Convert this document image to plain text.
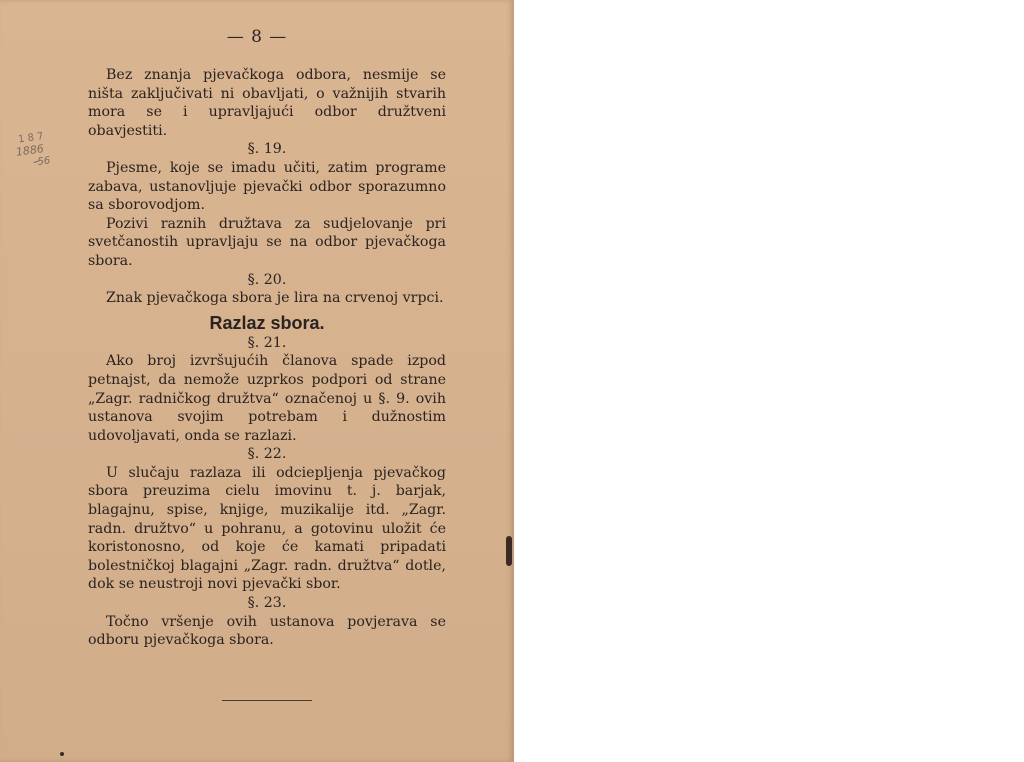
— 8 —
1 8 7
1886
56

Bez znanja pjevačkoga odbora, nesmije se ništa zaključivati ni obavljati, o važnijih stvarih mora se i upravljajući odbor družtveni obavjestiti.

§. 19.

Pjesme, koje se imadu učiti, zatim programe zabava, ustanovljuje pjevački odbor sporazumno sa sborovodjom.

Pozivi raznih družtava za sudjelovanje pri svetčanostih upravljaju se na odbor pjevačkoga sbora.

§. 20.

Znak pjevačkoga sbora je lira na crvenoj vrpci.

Razlaz sbora.

§. 21.

Ako broj izvršujućih članova spade izpod petnajst, da nemože uzprkos podpori od strane „Zagr. radničkog družtva“ označenoj u §. 9. ovih ustanova svojim potrebam i dužnostim udovoljavati, onda se razlazi.

§. 22.

U slučaju razlaza ili odciepljenja pjevačkog sbora preuzima cielu imovinu t. j. barjak, blagajnu, spise, knjige, muzikalije itd. „Zagr. radn. družtvo“ u pohranu, a gotovinu uložit će koristonosno, od koje će kamati pripadati bolestničkoj blagajni „Zagr. radn. družtva“ dotle, dok se neustroji novi pjevački sbor.

§. 23.

Točno vršenje ovih ustanova povjerava se odboru pjevačkoga sbora.
